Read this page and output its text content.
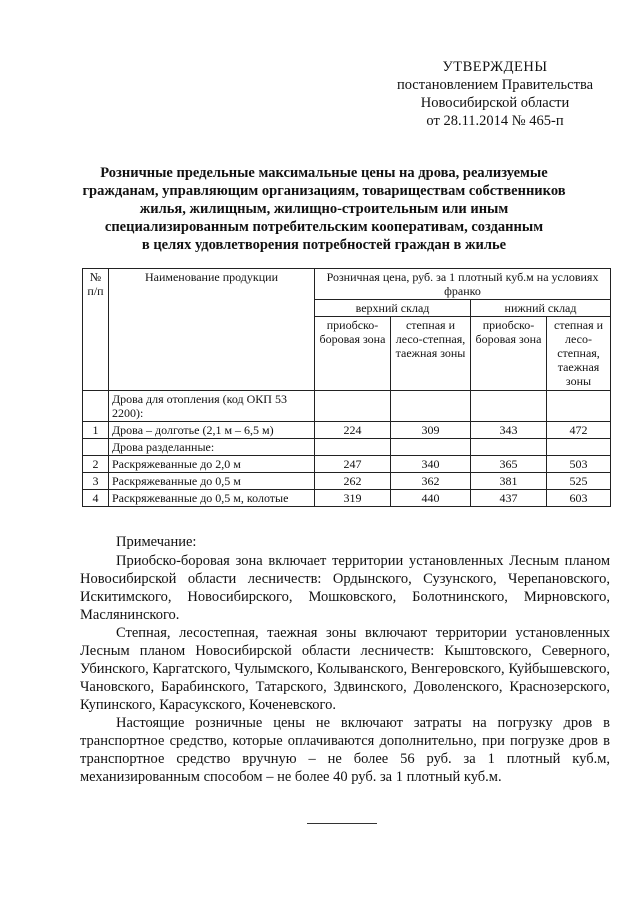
УТВЕРЖДЕНЫ
постановлением Правительства
Новосибирской области
от 28.11.2014 № 465-п
Розничные предельные максимальные цены на дрова, реализуемые
гражданам, управляющим организациям, товариществам собственников
жилья, жилищным, жилищно-строительным или иным
специализированным потребительским кооперативам, созданным
в целях удовлетворения потребностей граждан в жилье
№ п/п	Наименование продукции	Розничная цена, руб. за 1 плотный куб.м на условиях франко			
		верхний склад		нижний склад	
		приобско-боровая зона	степная и лесо-степная, таежная зоны	приобско-боровая зона	степная и лесо-степная, таежная зоны
	Дрова для отопления (код ОКП 53 2200):				
1	Дрова – долготье (2,1 м – 6,5 м)	224	309	343	472
	Дрова разделанные:				
2	Раскряжеванные до 2,0 м	247	340	365	503
3	Раскряжеванные до 0,5 м	262	362	381	525
4	Раскряжеванные до 0,5 м, колотые	319	440	437	603

Примечание:

Приобско-боровая зона включает территории установленных Лесным планом Новосибирской области лесничеств: Ордынского, Сузунского, Черепановского, Искитимского, Новосибирского, Мошковского, Болотнинского, Мирновского, Маслянинского.

Степная, лесостепная, таежная зоны включают территории установленных Лесным планом Новосибирской области лесничеств: Кыштовского, Северного, Убинского, Каргатского, Чулымского, Колыванского, Венгеровского, Куйбышевского, Чановского, Барабинского, Татарского, Здвинского, Доволенского, Краснозерского, Купинского, Карасукского, Коченевского.

Настоящие розничные цены не включают затраты на погрузку дров в транспортное средство, которые оплачиваются дополнительно, при погрузке дров в транспортное средство вручную – не более 56 руб. за 1 плотный куб.м, механизированным способом – не более 40 руб. за 1 плотный куб.м.
